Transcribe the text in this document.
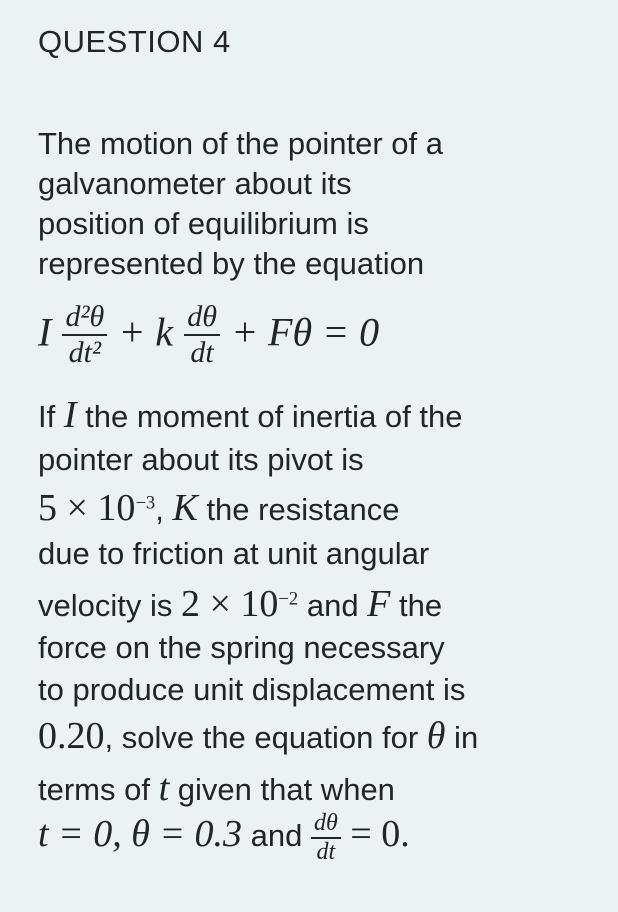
QUESTION 4
The motion of the pointer of a
galvanometer about its
position of equilibrium is
represented by the equation
I $\frac{\text{d²θ}}{\text{dt²}} + k \frac{d\theta}{dt} + F\theta = 0$
If I the moment of inertia of the
pointer about its pivot is
$5 \times 10^{-3}$, K the resistance
due to friction at unit angular
velocity is $2 \times 10^{-2}$ and F the
force on the spring necessary
to produce unit displacement is
0.20, solve the equation for θ in
terms of t given that when
t = 0, θ = 0.3 and $\frac{d\theta}{dt} = 0$.
